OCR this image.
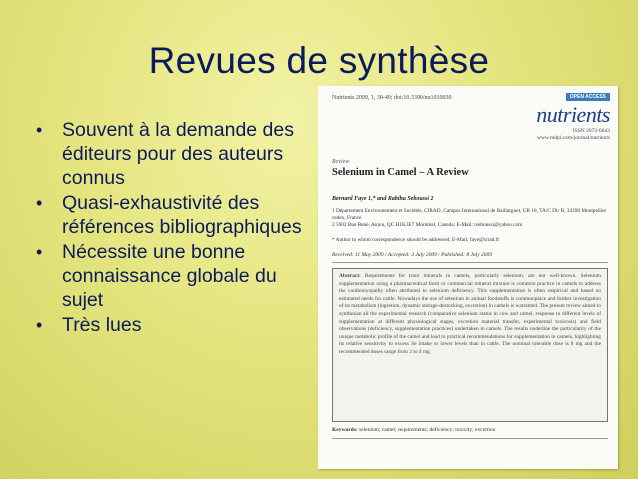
Revues de synthèse
• Souvent à la demande des éditeurs pour des auteurs connus
• Quasi-exhaustivité des références bibliographiques
• Nécessite une bonne connaissance globale du sujet
• Très lues
Nutrients 2009, 1, 30-49; doi:10.3390/nu1010030	OPEN ACCESS
nutrients
ISSN 2072-6643
www.mdpi.com/journal/nutrients
Review
Selenium in Camel – A Review
Bernard Faye 1,* and Rabiha Seboussi 2
1 Département Environnement et Sociétés, CIRAD, Campus International de Baillarguet, UR 18, TA/C Dir B, 34398 Montpellier cedex, France
2 5902 Rue René, Anjou, QC H1K3E7 Montréal, Canada; E-Mail: rseboussi@yahoo.com
* Author to whom correspondence should be addressed; E-Mail: faye@cirad.fr
Received: 11 May 2009 / Accepted: 3 July 2009 / Published: 8 July 2009
Abstract: Requirements for trace minerals in camels, particularly selenium, are not well-known. Selenium supplementation using a pharmaceutical form or commercial mineral mixture is common practice in camels to address the cardiomyopathy often attributed to selenium deficiency. This supplementation is often empirical and based on estimated needs for cattle. Nowadays the use of selenium in animal foodstuffs is commonplace and further investigation of its metabolism (ingestion, dynamic storage-destocking, excretion) in camels is warranted. The present review aimed to synthesize all the experimental research (comparative selenium status in cow and camel, response to different levels of supplementation at different physiological stages, excretion material transfer, experimental toxicosis) and field observations (deficiency, supplementation practices) undertaken in camels. The results underline the particularity of the unique metabolic profile of the camel and lead to practical recommendations for supplementation in camels, highlighting its relative sensitivity to excess Se intake or lower levels than in cattle. The nominal tolerable dose is 8 mg and the recommended doses range from 2 to 4 mg.
Keywords: selenium; camel; requirements; deficiency; toxicity; excretion
